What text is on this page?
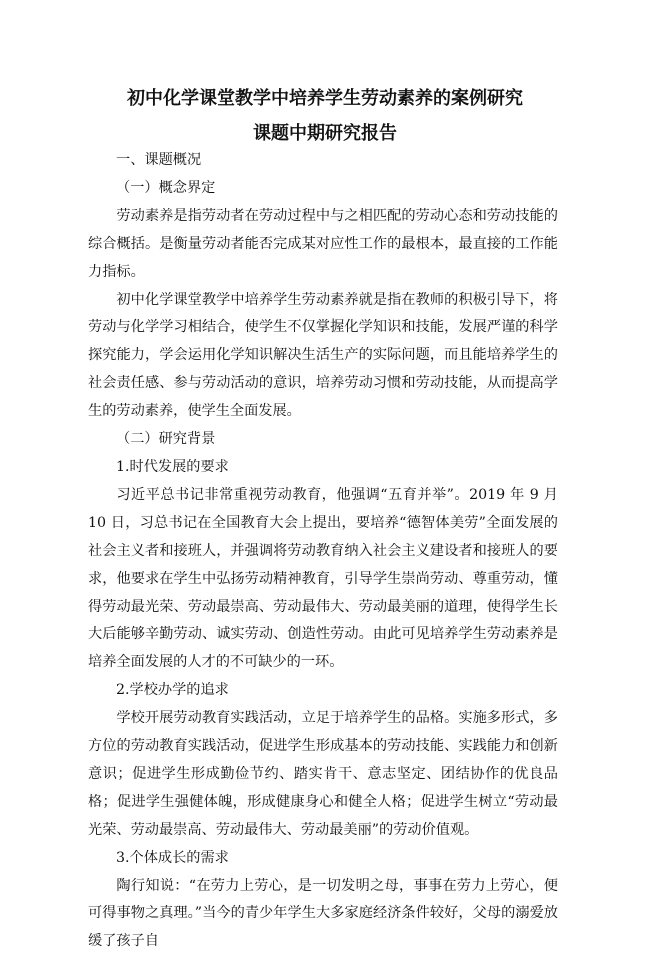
初中化学课堂教学中培养学生劳动素养的案例研究
课题中期研究报告

一、课题概况

（一）概念界定

劳动素养是指劳动者在劳动过程中与之相匹配的劳动心态和劳动技能的综合概括。是衡量劳动者能否完成某对应性工作的最根本，最直接的工作能力指标。

初中化学课堂教学中培养学生劳动素养就是指在教师的积极引导下，将劳动与化学学习相结合，使学生不仅掌握化学知识和技能，发展严谨的科学探究能力，学会运用化学知识解决生活生产的实际问题，而且能培养学生的社会责任感、参与劳动活动的意识，培养劳动习惯和劳动技能，从而提高学生的劳动素养，使学生全面发展。

（二）研究背景

1.时代发展的要求

习近平总书记非常重视劳动教育，他强调“五育并举”。2019 年 9 月 10 日，习总书记在全国教育大会上提出，要培养“德智体美劳”全面发展的社会主义者和接班人，并强调将劳动教育纳入社会主义建设者和接班人的要求，他要求在学生中弘扬劳动精神教育，引导学生崇尚劳动、尊重劳动，懂得劳动最光荣、劳动最崇高、劳动最伟大、劳动最美丽的道理，使得学生长大后能够辛勤劳动、诚实劳动、创造性劳动。由此可见培养学生劳动素养是培养全面发展的人才的不可缺少的一环。

2.学校办学的追求

学校开展劳动教育实践活动，立足于培养学生的品格。实施多形式，多方位的劳动教育实践活动，促进学生形成基本的劳动技能、实践能力和创新意识；促进学生形成勤俭节约、踏实肯干、意志坚定、团结协作的优良品格；促进学生强健体魄，形成健康身心和健全人格；促进学生树立“劳动最光荣、劳动最崇高、劳动最伟大、劳动最美丽”的劳动价值观。

3.个体成长的需求

陶行知说：“在劳力上劳心，是一切发明之母，事事在劳力上劳心，便可得事物之真理。”当今的青少年学生大多家庭经济条件较好，父母的溺爱放缓了孩子自
